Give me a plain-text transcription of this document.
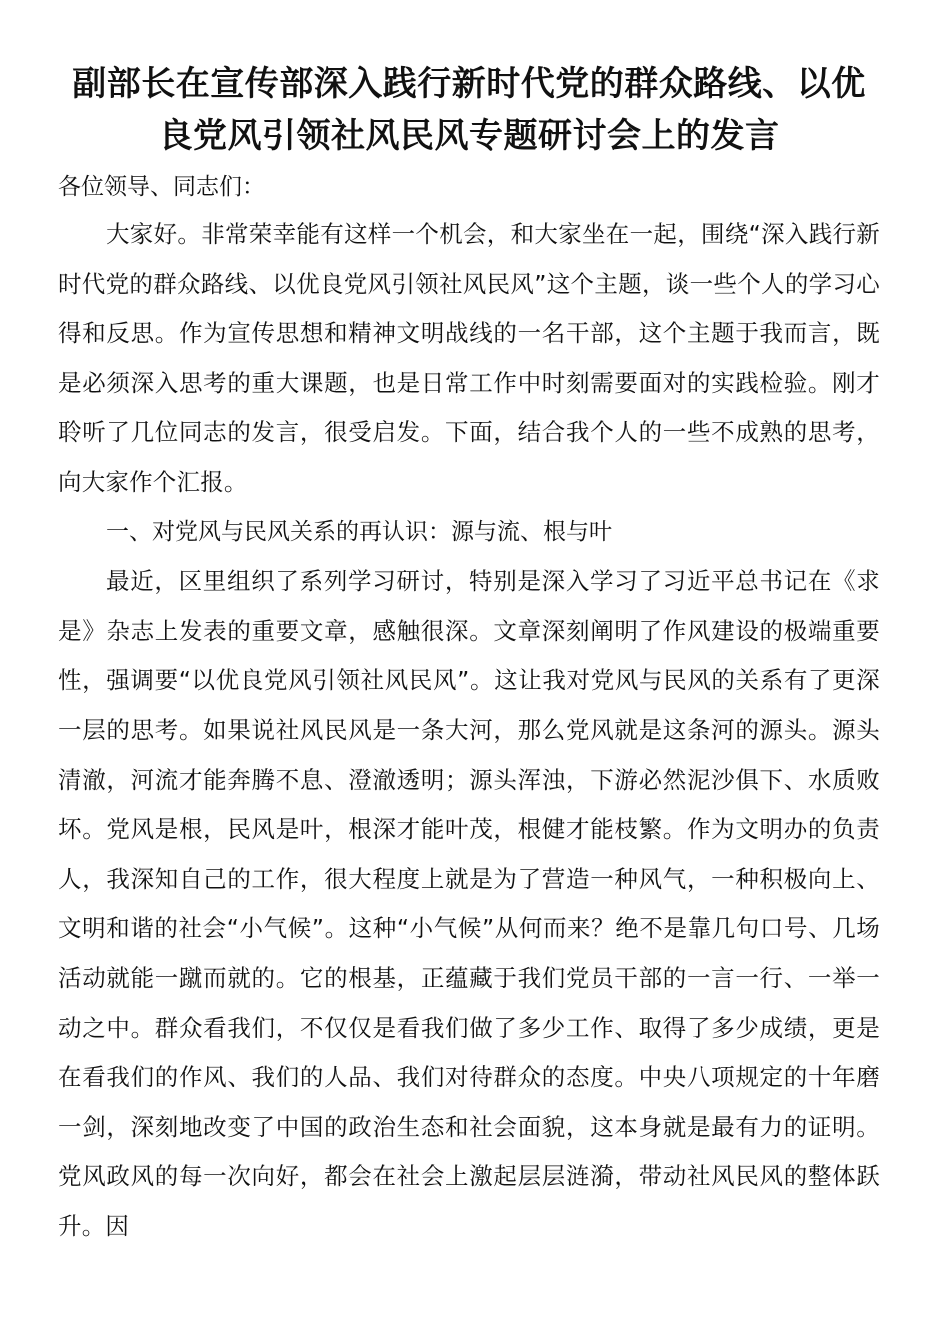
副部长在宣传部深入践行新时代党的群众路线、以优
良党风引领社风民风专题研讨会上的发言

各位领导、同志们：

大家好。非常荣幸能有这样一个机会，和大家坐在一起，围绕“深入践行新时代党的群众路线、以优良党风引领社风民风”这个主题，谈一些个人的学习心得和反思。作为宣传思想和精神文明战线的一名干部，这个主题于我而言，既是必须深入思考的重大课题，也是日常工作中时刻需要面对的实践检验。刚才聆听了几位同志的发言，很受启发。下面，结合我个人的一些不成熟的思考，向大家作个汇报。

一、对党风与民风关系的再认识：源与流、根与叶

最近，区里组织了系列学习研讨，特别是深入学习了习近平总书记在《求是》杂志上发表的重要文章，感触很深。文章深刻阐明了作风建设的极端重要性，强调要“以优良党风引领社风民风”。这让我对党风与民风的关系有了更深一层的思考。如果说社风民风是一条大河，那么党风就是这条河的源头。源头清澈，河流才能奔腾不息、澄澈透明；源头浑浊，下游必然泥沙俱下、水质败坏。党风是根，民风是叶，根深才能叶茂，根健才能枝繁。作为文明办的负责人，我深知自己的工作，很大程度上就是为了营造一种风气，一种积极向上、文明和谐的社会“小气候”。这种“小气候”从何而来？绝不是靠几句口号、几场活动就能一蹴而就的。它的根基，正蕴藏于我们党员干部的一言一行、一举一动之中。群众看我们，不仅仅是看我们做了多少工作、取得了多少成绩，更是在看我们的作风、我们的人品、我们对待群众的态度。中央八项规定的十年磨一剑，深刻地改变了中国的政治生态和社会面貌，这本身就是最有力的证明。党风政风的每一次向好，都会在社会上激起层层涟漪，带动社风民风的整体跃升。因
